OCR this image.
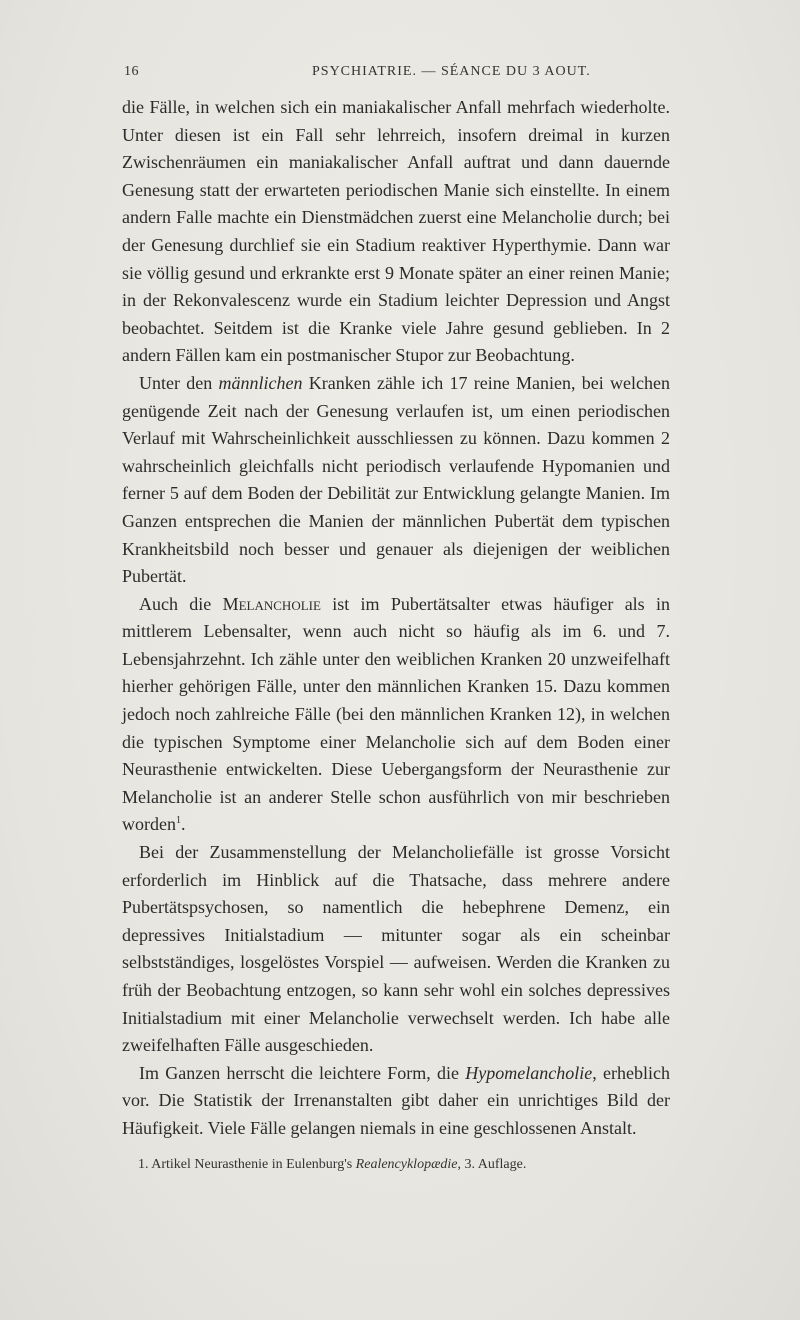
16	PSYCHIATRIE. — SÉANCE DU 3 AOUT.

die Fälle, in welchen sich ein maniakalischer Anfall mehrfach wiederholte. Unter diesen ist ein Fall sehr lehrreich, insofern dreimal in kurzen Zwischenräumen ein maniakalischer Anfall auftrat und dann dauernde Genesung statt der erwarteten periodischen Manie sich einstellte. In einem andern Falle machte ein Dienstmädchen zuerst eine Melancholie durch; bei der Genesung durchlief sie ein Stadium reaktiver Hyperthymie. Dann war sie völlig gesund und erkrankte erst 9 Monate später an einer reinen Manie; in der Rekonvalescenz wurde ein Stadium leichter Depression und Angst beobachtet. Seitdem ist die Kranke viele Jahre gesund geblieben. In 2 andern Fällen kam ein postmanischer Stupor zur Beobachtung.

Unter den männlichen Kranken zähle ich 17 reine Manien, bei welchen genügende Zeit nach der Genesung verlaufen ist, um einen periodischen Verlauf mit Wahrscheinlichkeit ausschliessen zu können. Dazu kommen 2 wahrscheinlich gleichfalls nicht periodisch verlaufende Hypomanien und ferner 5 auf dem Boden der Debilität zur Entwicklung gelangte Manien. Im Ganzen entsprechen die Manien der männlichen Pubertät dem typischen Krankheitsbild noch besser und genauer als diejenigen der weiblichen Pubertät.

Auch die Melancholie ist im Pubertätsalter etwas häufiger als in mittlerem Lebensalter, wenn auch nicht so häufig als im 6. und 7. Lebensjahrzehnt. Ich zähle unter den weiblichen Kranken 20 unzweifelhaft hierher gehörigen Fälle, unter den männlichen Kranken 15. Dazu kommen jedoch noch zahlreiche Fälle (bei den männlichen Kranken 12), in welchen die typischen Symptome einer Melancholie sich auf dem Boden einer Neurasthenie entwickelten. Diese Uebergangsform der Neurasthenie zur Melancholie ist an anderer Stelle schon ausführlich von mir beschrieben worden$^1$.

Bei der Zusammenstellung der Melancholiefälle ist grosse Vorsicht erforderlich im Hinblick auf die Thatsache, dass mehrere andere Pubertätspsychosen, so namentlich die hebephrene Demenz, ein depressives Initialstadium — mitunter sogar als ein scheinbar selbstständiges, losgelöstes Vorspiel — aufweisen. Werden die Kranken zu früh der Beobachtung entzogen, so kann sehr wohl ein solches depressives Initialstadium mit einer Melancholie verwechselt werden. Ich habe alle zweifelhaften Fälle ausgeschieden.

Im Ganzen herrscht die leichtere Form, die Hypomelancholie, erheblich vor. Die Statistik der Irrenanstalten gibt daher ein unrichtiges Bild der Häufigkeit. Viele Fälle gelangen niemals in eine geschlossenen Anstalt.

1. Artikel Neurasthenie in Eulenburg's Realencyklopædie, 3. Auflage.
